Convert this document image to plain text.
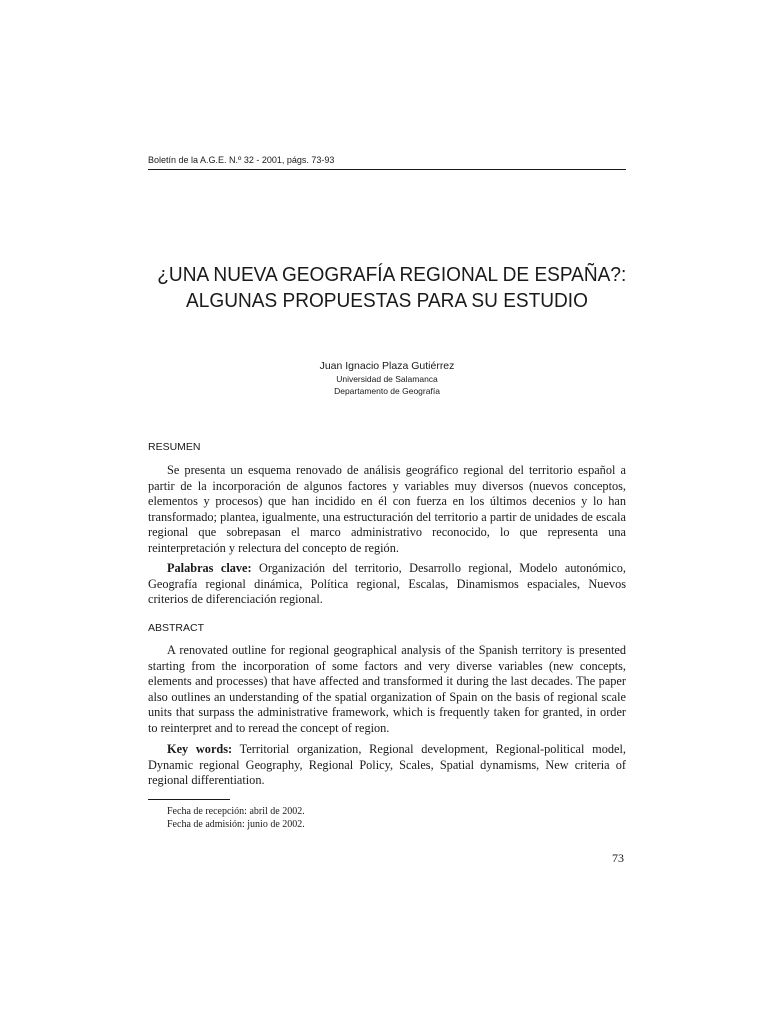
Boletín de la A.G.E. N.º 32 - 2001, págs. 73-93
¿UNA NUEVA GEOGRAFÍA REGIONAL DE ESPAÑA?:
ALGUNAS PROPUESTAS PARA SU ESTUDIO
Juan Ignacio Plaza Gutiérrez
Universidad de Salamanca
Departamento de Geografía
RESUMEN
Se presenta un esquema renovado de análisis geográfico regional del territorio español a partir de la incorporación de algunos factores y variables muy diversos (nuevos conceptos, elementos y procesos) que han incidido en él con fuerza en los últimos decenios y lo han transformado; plantea, igualmente, una estructuración del territorio a partir de unidades de escala regional que sobrepasan el marco administrativo reconocido, lo que representa una reinterpretación y relectura del concepto de región.
Palabras clave: Organización del territorio, Desarrollo regional, Modelo autonómico, Geografía regional dinámica, Política regional, Escalas, Dinamismos espaciales, Nuevos criterios de diferenciación regional.
ABSTRACT
A renovated outline for regional geographical analysis of the Spanish territory is presented starting from the incorporation of some factors and very diverse variables (new concepts, elements and processes) that have affected and transformed it during the last decades. The paper also outlines an understanding of the spatial organization of Spain on the basis of regional scale units that surpass the administrative framework, which is frequently taken for granted, in order to reinterpret and to reread the concept of region.
Key words: Territorial organization, Regional development, Regional-political model, Dynamic regional Geography, Regional Policy, Scales, Spatial dynamisms, New criteria of regional differentiation.
Fecha de recepción: abril de 2002.
Fecha de admisión: junio de 2002.
73
